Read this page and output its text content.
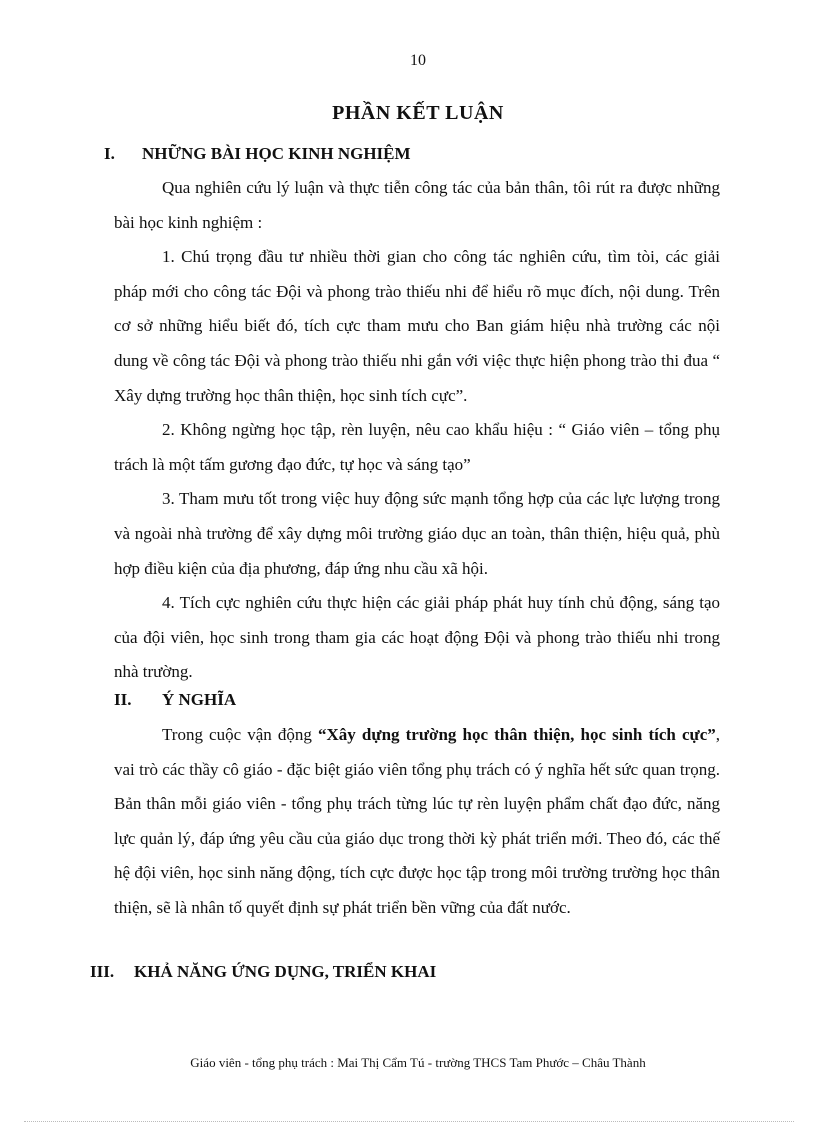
10
PHẦN KẾT LUẬN
I. NHỮNG BÀI HỌC KINH NGHIỆM

Qua nghiên cứu lý luận và thực tiễn công tác của bản thân, tôi rút ra được những bài học kinh nghiệm :

1. Chú trọng đầu tư nhiều thời gian cho công tác nghiên cứu, tìm tòi, các giải pháp mới cho công tác Đội và phong trào thiếu nhi để hiểu rõ mục đích, nội dung. Trên cơ sở những hiểu biết đó, tích cực tham mưu cho Ban giám hiệu nhà trường các nội dung về công tác Đội và phong trào thiếu nhi gắn với việc thực hiện phong trào thi đua “ Xây dựng trường học thân thiện, học sinh tích cực”.

2. Không ngừng học tập, rèn luyện, nêu cao khẩu hiệu : “ Giáo viên – tổng phụ trách là một tấm gương đạo đức, tự học và sáng tạo”

3. Tham mưu tốt trong việc huy động sức mạnh tổng hợp của các lực lượng trong và ngoài nhà trường để xây dựng môi trường giáo dục an toàn, thân thiện, hiệu quả, phù hợp điều kiện của địa phương, đáp ứng nhu cầu xã hội.

4. Tích cực nghiên cứu thực hiện các giải pháp phát huy tính chủ động, sáng tạo của đội viên, học sinh trong tham gia các hoạt động Đội và phong trào thiếu nhi trong nhà trường.

II. Ý NGHĨA

Trong cuộc vận động “Xây dựng trường học thân thiện, học sinh tích cực”, vai trò các thầy cô giáo - đặc biệt giáo viên tổng phụ trách có ý nghĩa hết sức quan trọng. Bản thân mỗi giáo viên - tổng phụ trách từng lúc tự rèn luyện phẩm chất đạo đức, năng lực quản lý, đáp ứng yêu cầu của giáo dục trong thời kỳ phát triển mới. Theo đó, các thế hệ đội viên, học sinh năng động, tích cực được học tập trong môi trường trường học thân thiện, sẽ là nhân tố quyết định sự phát triển bền vững của đất nước.

III. KHẢ NĂNG ỨNG DỤNG, TRIỂN KHAI
Giáo viên - tổng phụ trách : Mai Thị Cẩm Tú - trường THCS Tam Phước – Châu Thành
